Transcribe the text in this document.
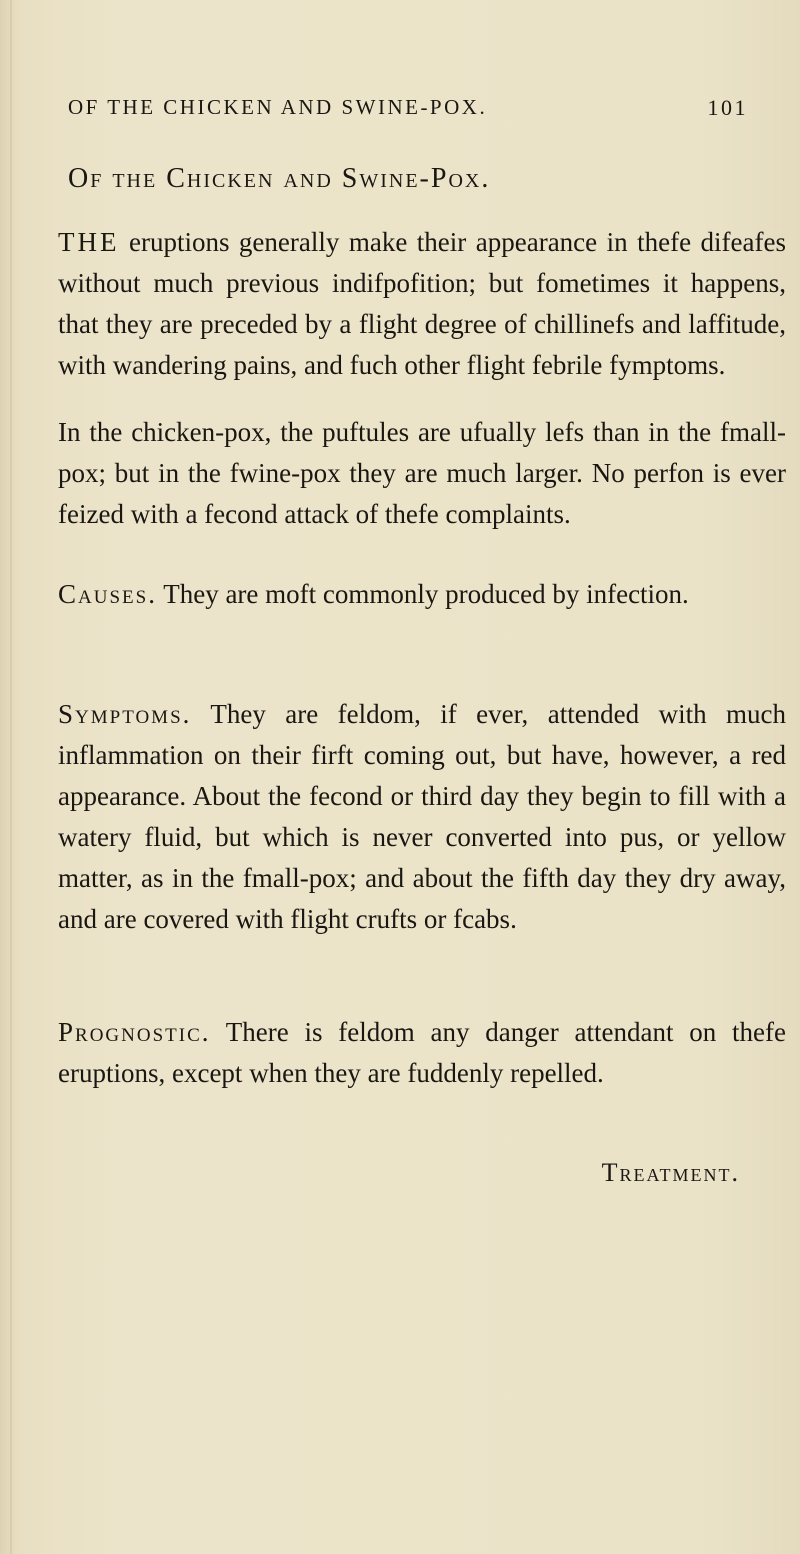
OF THE CHICKEN AND SWINE-POX.	101
Of the Chicken and Swine-Pox.
THE eruptions generally make their appearance in thefe difeafes without much previous indifpofition; but fometimes it happens, that they are preceded by a flight degree of chillinefs and laffitude, with wandering pains, and fuch other flight febrile fymptoms.
In the chicken-pox, the puftules are ufually lefs than in the fmall-pox; but in the fwine-pox they are much larger. No perfon is ever feized with a fecond attack of thefe complaints.
Causes. They are moft commonly produced by infection.
Symptoms. They are feldom, if ever, attended with much inflammation on their firft coming out, but have, however, a red appearance. About the fecond or third day they begin to fill with a watery fluid, but which is never converted into pus, or yellow matter, as in the fmall-pox; and about the fifth day they dry away, and are covered with flight crufts or fcabs.
Prognostic. There is feldom any danger attendant on thefe eruptions, except when they are fuddenly repelled.
Treatment.
